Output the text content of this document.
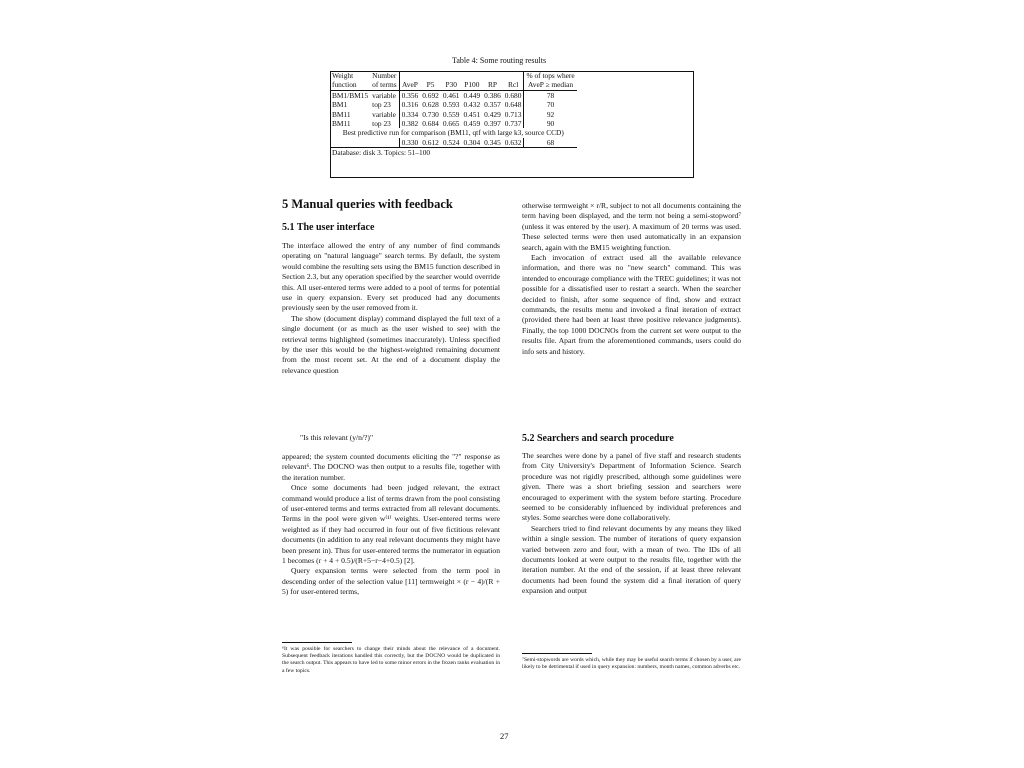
Table 4: Some routing results
Weight	Number							% of tops where
function	of terms	AveP	P5	P30	P100	RP	Rcl	AveP ≥ median
BM1/BM15	variable	0.356	0.692	0.461	0.449	0.386	0.680	78
BM1	top 23	0.316	0.628	0.593	0.432	0.357	0.648	70
BM11	variable	0.334	0.730	0.559	0.451	0.429	0.713	92
BM11	top 23	0.382	0.684	0.665	0.459	0.397	0.737	90
Best predictive run for comparison (BM11, qtf with large k3, source CCD)								
		0.330	0.612	0.524	0.304	0.345	0.632	68
Database: disk 3. Topics: 51–100								
5 Manual queries with feedback
5.1 The user interface

The interface allowed the entry of any number of find commands operating on "natural language" search terms. By default, the system would combine the resulting sets using the BM15 function described in Section 2.3, but any operation specified by the searcher would override this. All user-entered terms were added to a pool of terms for potential use in query expansion. Every set produced had any documents previously seen by the user removed from it.

The show (document display) command displayed the full text of a single document (or as much as the user wished to see) with the retrieval terms highlighted (sometimes inaccurately). Unless specified by the user this would be the highest-weighted remaining document from the most recent set. At the end of a document display the relevance question

"Is this relevant (y/n/?)"

appeared; the system counted documents eliciting the "?" response as relevant⁶. The DOCNO was then output to a results file, together with the iteration number.

Once some documents had been judged relevant, the extract command would produce a list of terms drawn from the pool consisting of user-entered terms and terms extracted from all relevant documents. Terms in the pool were given w⁽¹⁾ weights. User-entered terms were weighted as if they had occurred in four out of five fictitious relevant documents (in addition to any real relevant documents they might have been present in). Thus for user-entered terms the numerator in equation 1 becomes (r + 4 + 0.5)/(R+5−r−4+0.5) [2].

Query expansion terms were selected from the term pool in descending order of the selection value [11] termweight × (r − 4)/(R + 5) for user-entered terms,

⁶It was possible for searchers to change their minds about the relevance of a document. Subsequent feedback iterations handled this correctly, but the DOCNO would be duplicated in the search output. This appears to have led to some minor errors in the frozen ranks evaluation in a few topics.

otherwise termweight × r/R, subject to not all documents containing the term having been displayed, and the term not being a semi-stopword⁷ (unless it was entered by the user). A maximum of 20 terms was used. These selected terms were then used automatically in an expansion search, again with the BM15 weighting function.

Each invocation of extract used all the available relevance information, and there was no "new search" command. This was intended to encourage compliance with the TREC guidelines; it was not possible for a dissatisfied user to restart a search. When the searcher decided to finish, after some sequence of find, show and extract commands, the results menu and invoked a final iteration of extract (provided there had been at least three positive relevance judgments). Finally, the top 1000 DOCNOs from the current set were output to the results file. Apart from the aforementioned commands, users could do info sets and history.

5.2 Searchers and search procedure

The searches were done by a panel of five staff and research students from City University's Department of Information Science. Search procedure was not rigidly prescribed, although some guidelines were given. There was a short briefing session and searchers were encouraged to experiment with the system before starting. Procedure seemed to be considerably influenced by individual preferences and styles. Some searches were done collaboratively.

Searchers tried to find relevant documents by any means they liked within a single session. The number of iterations of query expansion varied between zero and four, with a mean of two. The IDs of all documents looked at were output to the results file, together with the iteration number. At the end of the session, if at least three relevant documents had been found the system did a final iteration of query expansion and output

⁷Semi-stopwords are words which, while they may be useful search terms if chosen by a user, are likely to be detrimental if used in query expansion: numbers, month names, common adverbs etc.
27
